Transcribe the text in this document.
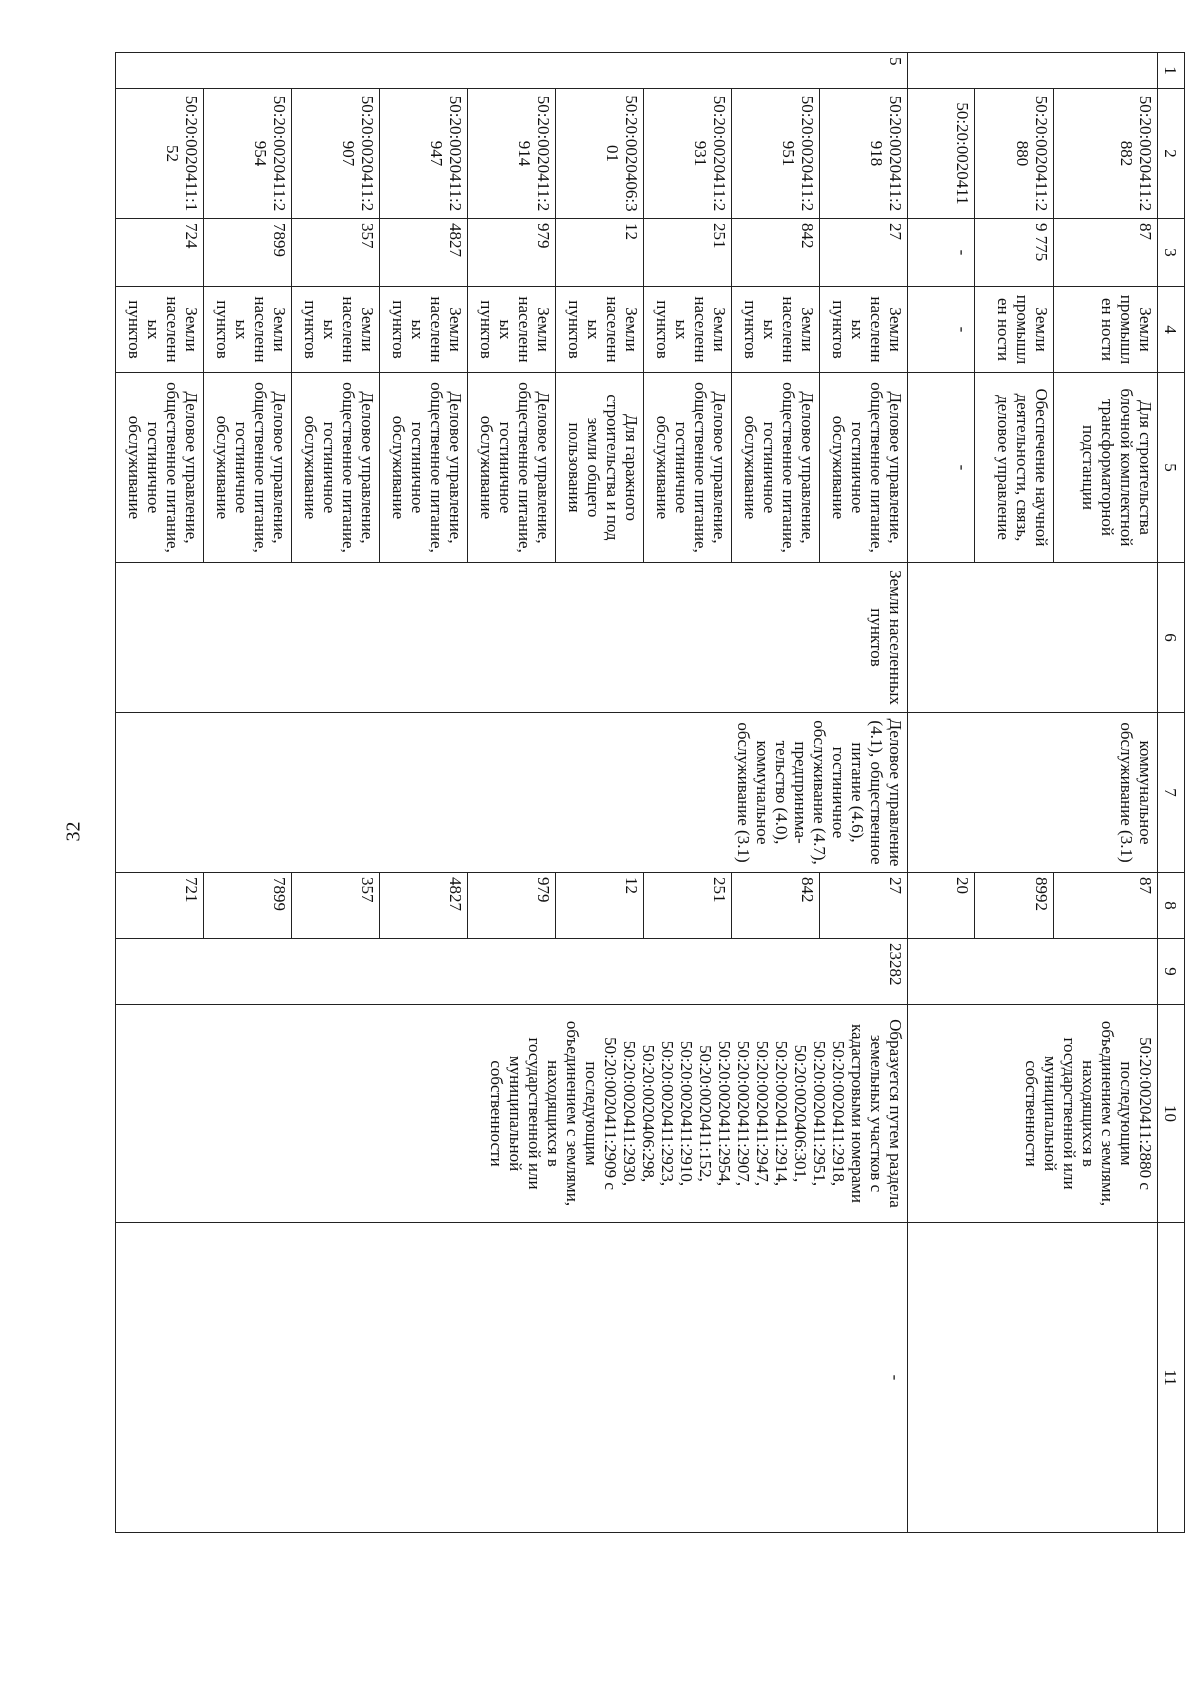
32
1	2	3	4	5	6	7	8	9	10	11
	50:20:0020411:2 882	87	Земли промышлен ности	Для строительства блочной комплектной трансформаторной подстанции		коммунальное обслуживание (3.1)	87		50:20:0020411:2880 с последующим объединением с землями, находящихся в государственной или муниципальной собственности	
	50:20:0020411:2 880	9 775	Земли промышлен ности	Обеспечение научной деятельности, связь, деловое управление			8992			
	50:20:0020411	-	-	-			20			
5	50:20:0020411:2 918	27	Земли населенных пунктов	Деловое управление, общественное питание, гостиничное обслуживание	Земли населенных пунктов	Деловое управление (4.1), общественное питание (4.6), гостиничное обслуживание (4.7), предпринима- тельство (4.0), коммунальное обслуживание (3.1)	27	23282	Образуется путем раздела земельных участков с кадастровыми номерами 50:20:0020411:2918, 50:20:0020411:2951, 50:20:0020406:301, 50:20:0020411:2914, 50:20:0020411:2947, 50:20:0020411:2907, 50:20:0020411:2954, 50:20:0020411:152, 50:20:0020411:2910, 50:20:0020411:2923, 50:20:0020406:298, 50:20:0020411:2930, 50:20:0020411:2909 с последующим объединением с землями, находящихся в государственной или муниципальной собственности	-
	50:20:0020411:2 951	842	Земли населенных пунктов	Деловое управление, общественное питание, гостиничное обслуживание			842			
	50:20:0020411:2 931	251	Земли населенных пунктов	Деловое управление, общественное питание, гостиничное обслуживание			251			
	50:20:0020406:3 01	12	Земли населенных пунктов	Для гаражного строительства и под земли общего пользования			12			
	50:20:0020411:2 914	979	Земли населенных пунктов	Деловое управление, общественное питание, гостиничное обслуживание			979			
	50:20:0020411:2 947	4827	Земли населенных пунктов	Деловое управление, общественное питание, гостиничное обслуживание			4827			
	50:20:0020411:2 907	357	Земли населенных пунктов	Деловое управление, общественное питание, гостиничное обслуживание			357			
	50:20:0020411:2 954	7899	Земли населенных пунктов	Деловое управление, общественное питание, гостиничное обслуживание			7899			
	50:20:0020411:1 52	724	Земли населенных пунктов	Деловое управление, общественное питание, гостиничное обслуживание			721			
